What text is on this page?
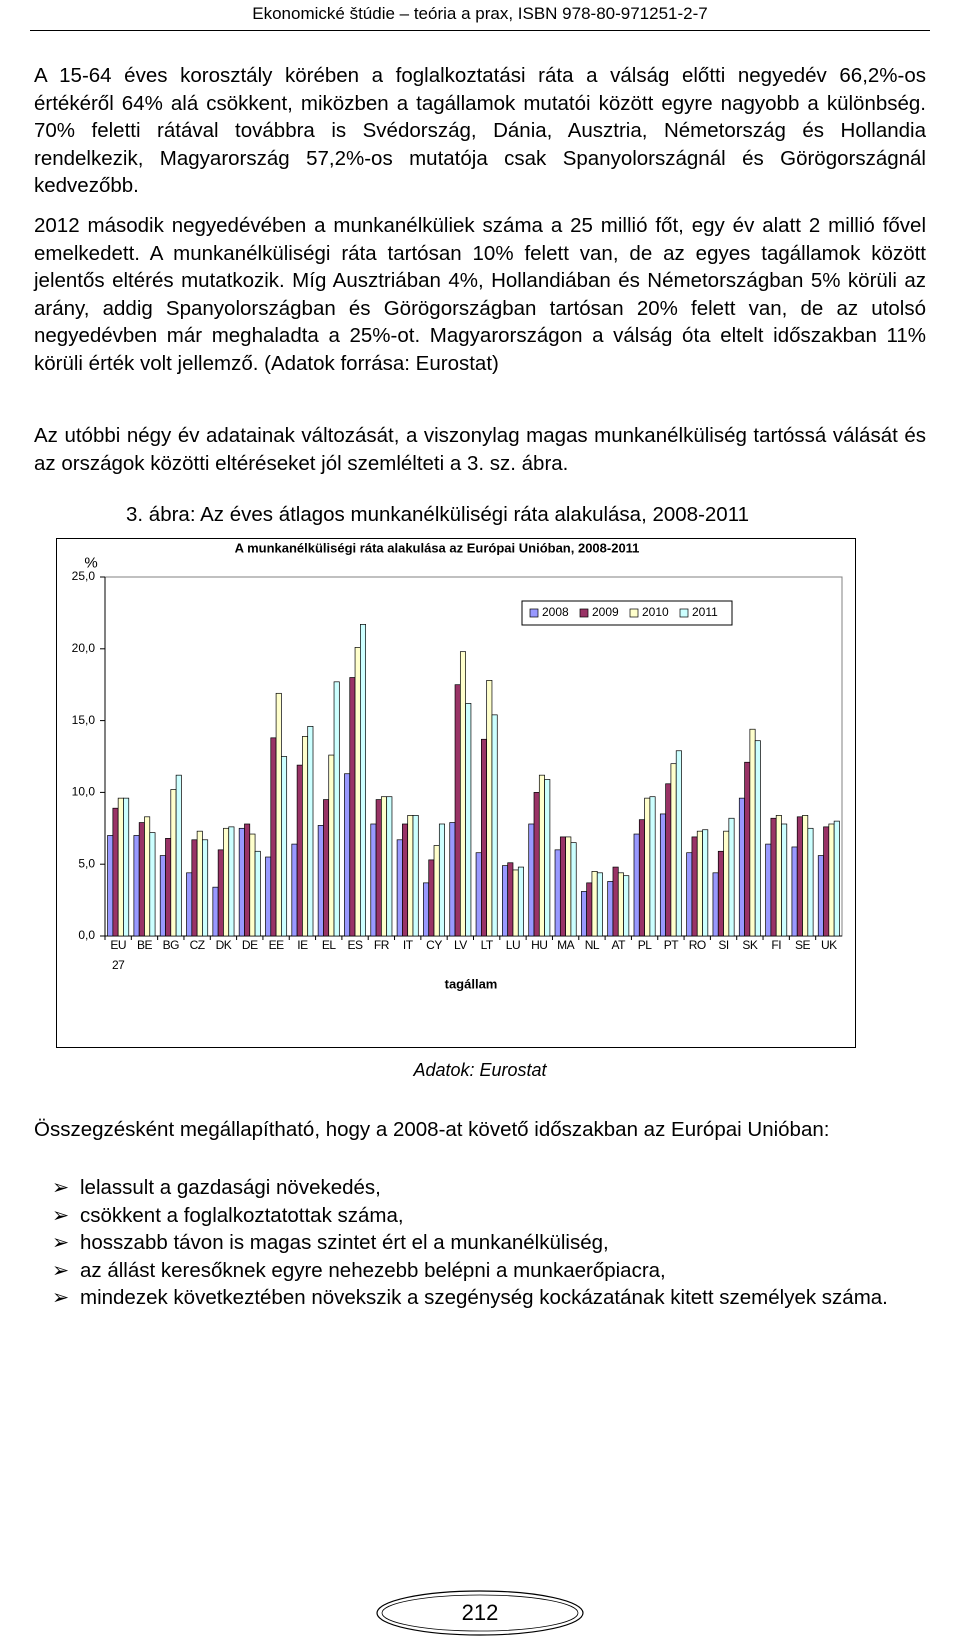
Ekonomické štúdie – teória a prax, ISBN 978-80-971251-2-7

A 15-64 éves korosztály körében a foglalkoztatási ráta a válság előtti negyedév 66,2%-os értékéről 64% alá csökkent, miközben a tagállamok mutatói között egyre nagyobb a különbség. 70% feletti rátával továbbra is Svédország, Dánia, Ausztria, Németország és Hollandia rendelkezik, Magyarország 57,2%-os mutatója csak Spanyolországnál és Görögországnál kedvezőbb.

2012 második negyedévében a munkanélküliek száma a 25 millió főt, egy év alatt 2 millió fővel emelkedett. A munkanélküliségi ráta tartósan 10% felett van, de az egyes tagállamok között jelentős eltérés mutatkozik. Míg Ausztriában 4%, Hollandiában és Németországban 5% körüli az arány, addig Spanyolországban és Görögországban tartósan 20% felett van, de az utolsó negyedévben már meghaladta a 25%-ot. Magyarországon a válság óta eltelt időszakban 11% körüli érték volt jellemző. (Adatok forrása: Eurostat)

Az utóbbi négy év adatainak változását, a viszonylag magas munkanélküliség tartóssá válását és az országok közötti eltéréseket jól szemlélteti a 3. sz. ábra.

3. ábra: Az éves átlagos munkanélküliségi ráta alakulása, 2008-2011
A munkanélküliségi ráta alakulása az Európai Unióban, 2008-2011
%
tagállam
0,0
5,0
10,0
15,0
20,0
25,0
EU
27
BE BG CZ DK DE EE IE EL ES FR IT CY LV LT LU HU MA NL AT PL PT RO SI SK FI SE UK
2008 2009 2010 2011
Adatok: Eurostat

Összegzésként megállapítható, hogy a 2008-at követő időszakban az Európai Unióban:

➢ lelassult a gazdasági növekedés,
➢ csökkent a foglalkoztatottak száma,
➢ hosszabb távon is magas szintet ért el a munkanélküliség,
➢ az állást keresőknek egyre nehezebb belépni a munkaerőpiacra,
➢ mindezek következtében növekszik a szegénység kockázatának kitett személyek száma.
212
